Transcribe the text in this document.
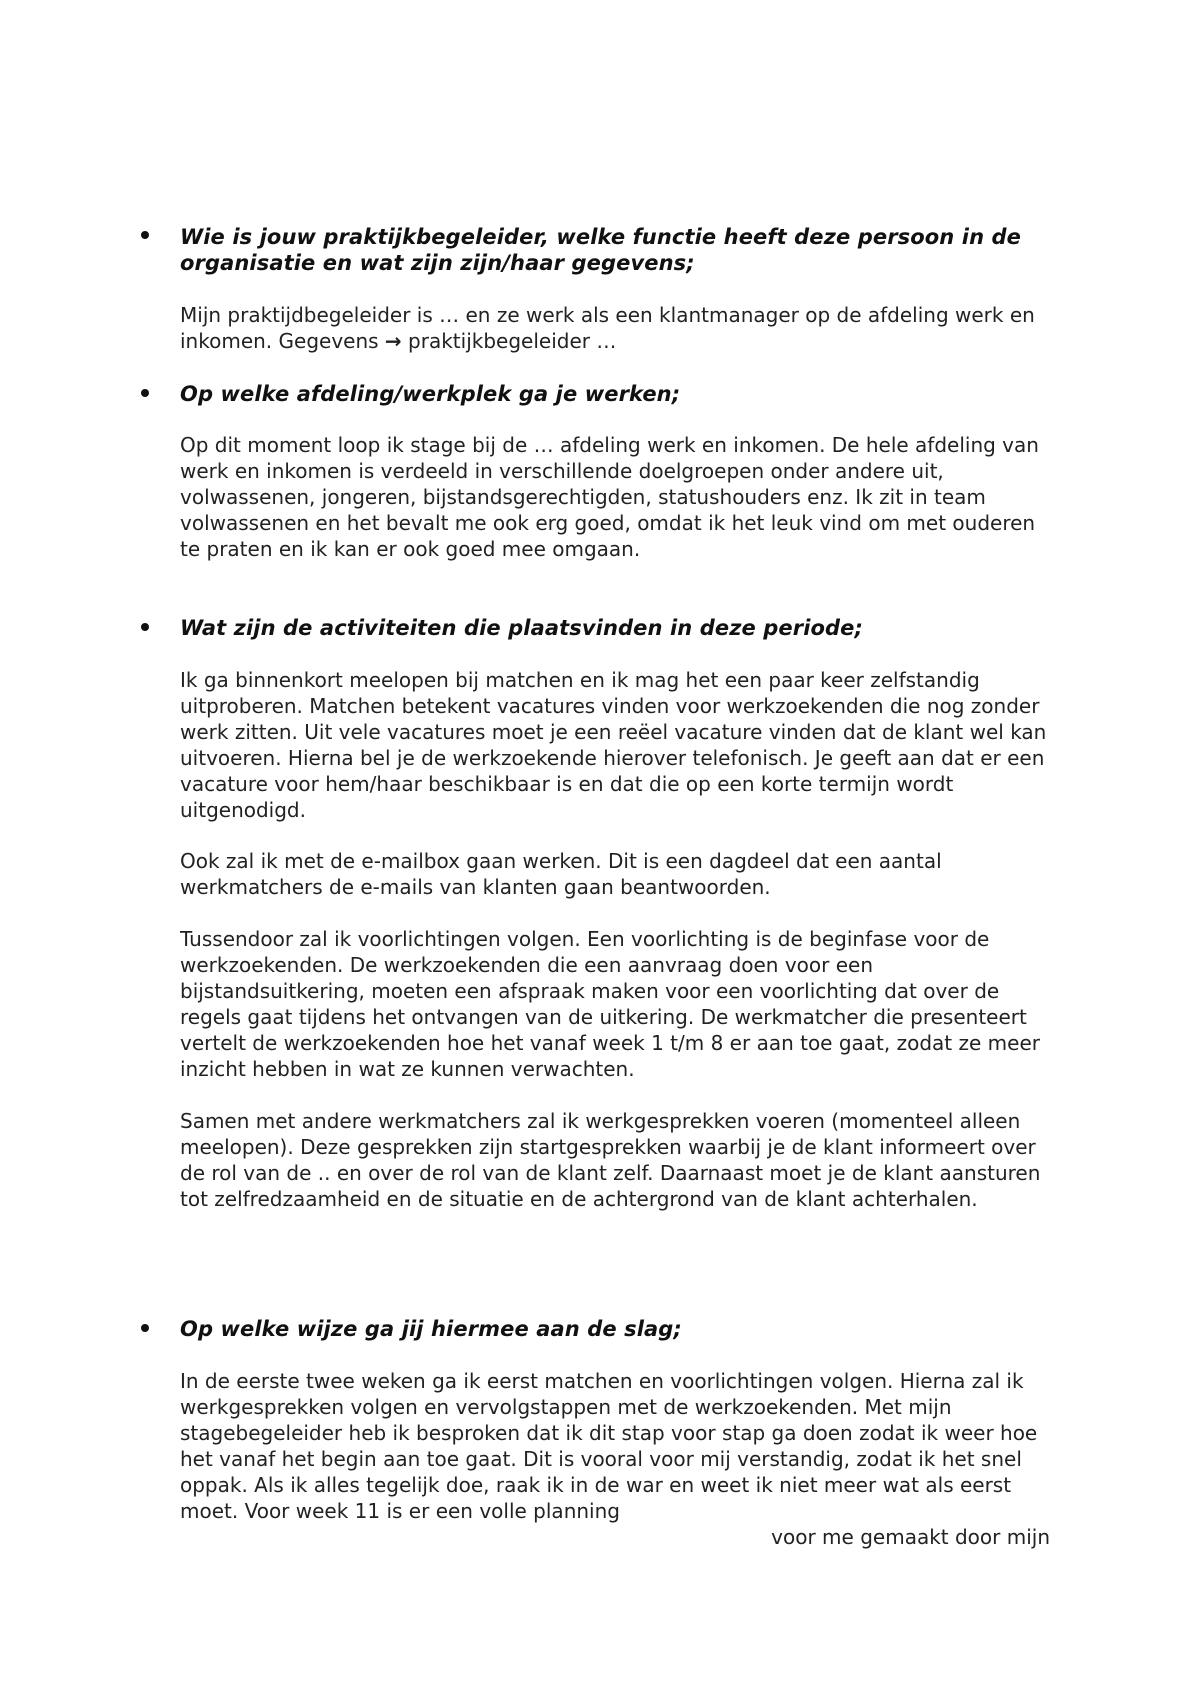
Wie is jouw praktijkbegeleider, welke functie heeft deze persoon in de organisatie en wat zijn zijn/haar gegevens;

Mijn praktijdbegeleider is … en ze werk als een klantmanager op de afdeling werk en inkomen. Gegevens → praktijkbegeleider …

Op welke afdeling/werkplek ga je werken;

Op dit moment loop ik stage bij de … afdeling werk en inkomen. De hele afdeling van werk en inkomen is verdeeld in verschillende doelgroepen onder andere uit, volwassenen, jongeren, bijstandsgerechtigden, statushouders enz. Ik zit in team volwassenen en het bevalt me ook erg goed, omdat ik het leuk vind om met ouderen te praten en ik kan er ook goed mee omgaan.

Wat zijn de activiteiten die plaatsvinden in deze periode;

Ik ga binnenkort meelopen bij matchen en ik mag het een paar keer zelfstandig uitproberen. Matchen betekent vacatures vinden voor werkzoekenden die nog zonder werk zitten. Uit vele vacatures moet je een reëel vacature vinden dat de klant wel kan uitvoeren. Hierna bel je de werkzoekende hierover telefonisch. Je geeft aan dat er een vacature voor hem/haar beschikbaar is en dat die op een korte termijn wordt uitgenodigd.

Ook zal ik met de e-mailbox gaan werken. Dit is een dagdeel dat een aantal werkmatchers de e-mails van klanten gaan beantwoorden.

Tussendoor zal ik voorlichtingen volgen. Een voorlichting is de beginfase voor de werkzoekenden. De werkzoekenden die een aanvraag doen voor een bijstandsuitkering, moeten een afspraak maken voor een voorlichting dat over de regels gaat tijdens het ontvangen van de uitkering. De werkmatcher die presenteert vertelt de werkzoekenden hoe het vanaf week 1 t/m 8 er aan toe gaat, zodat ze meer inzicht hebben in wat ze kunnen verwachten.

Samen met andere werkmatchers zal ik werkgesprekken voeren (momenteel alleen meelopen). Deze gesprekken zijn startgesprekken waarbij je de klant informeert over de rol van de .. en over de rol van de klant zelf. Daarnaast moet je de klant aansturen tot zelfredzaamheid en de situatie en de achtergrond van de klant achterhalen.

Op welke wijze ga jij hiermee aan de slag;

In de eerste twee weken ga ik eerst matchen en voorlichtingen volgen. Hierna zal ik werkgesprekken volgen en vervolgstappen met de werkzoekenden. Met mijn stagebegeleider heb ik besproken dat ik dit stap voor stap ga doen zodat ik weer hoe het vanaf het begin aan toe gaat. Dit is vooral voor mij verstandig, zodat ik het snel oppak. Als ik alles tegelijk doe, raak ik in de war en weet ik niet meer wat als eerst moet. Voor week 11 is er een volle planning

voor me gemaakt door mijn
